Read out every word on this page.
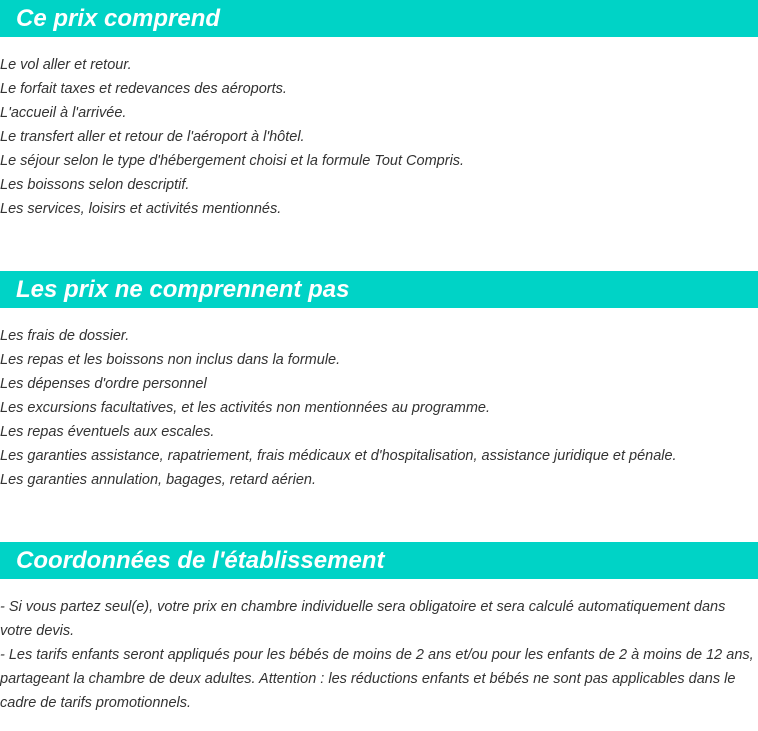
Ce prix comprend

Le vol aller et retour.

Le forfait taxes et redevances des aéroports.

L'accueil à l'arrivée.

Le transfert aller et retour de l'aéroport à l'hôtel.

Le séjour selon le type d'hébergement choisi et la formule Tout Compris.

Les boissons selon descriptif.

Les services, loisirs et activités mentionnés.

Les prix ne comprennent pas

Les frais de dossier.

Les repas et les boissons non inclus dans la formule.

Les dépenses d'ordre personnel

Les excursions facultatives, et les activités non mentionnées au programme.

Les repas éventuels aux escales.

Les garanties assistance, rapatriement, frais médicaux et d'hospitalisation, assistance juridique et pénale.

Les garanties annulation, bagages, retard aérien.

Coordonnées de l'établissement

- Si vous partez seul(e), votre prix en chambre individuelle sera obligatoire et sera calculé automatiquement dans votre devis.

- Les tarifs enfants seront appliqués pour les bébés de moins de 2 ans et/ou pour les enfants de 2 à moins de 12 ans, partageant la chambre de deux adultes. Attention : les réductions enfants et bébés ne sont pas applicables dans le cadre de tarifs promotionnels.
